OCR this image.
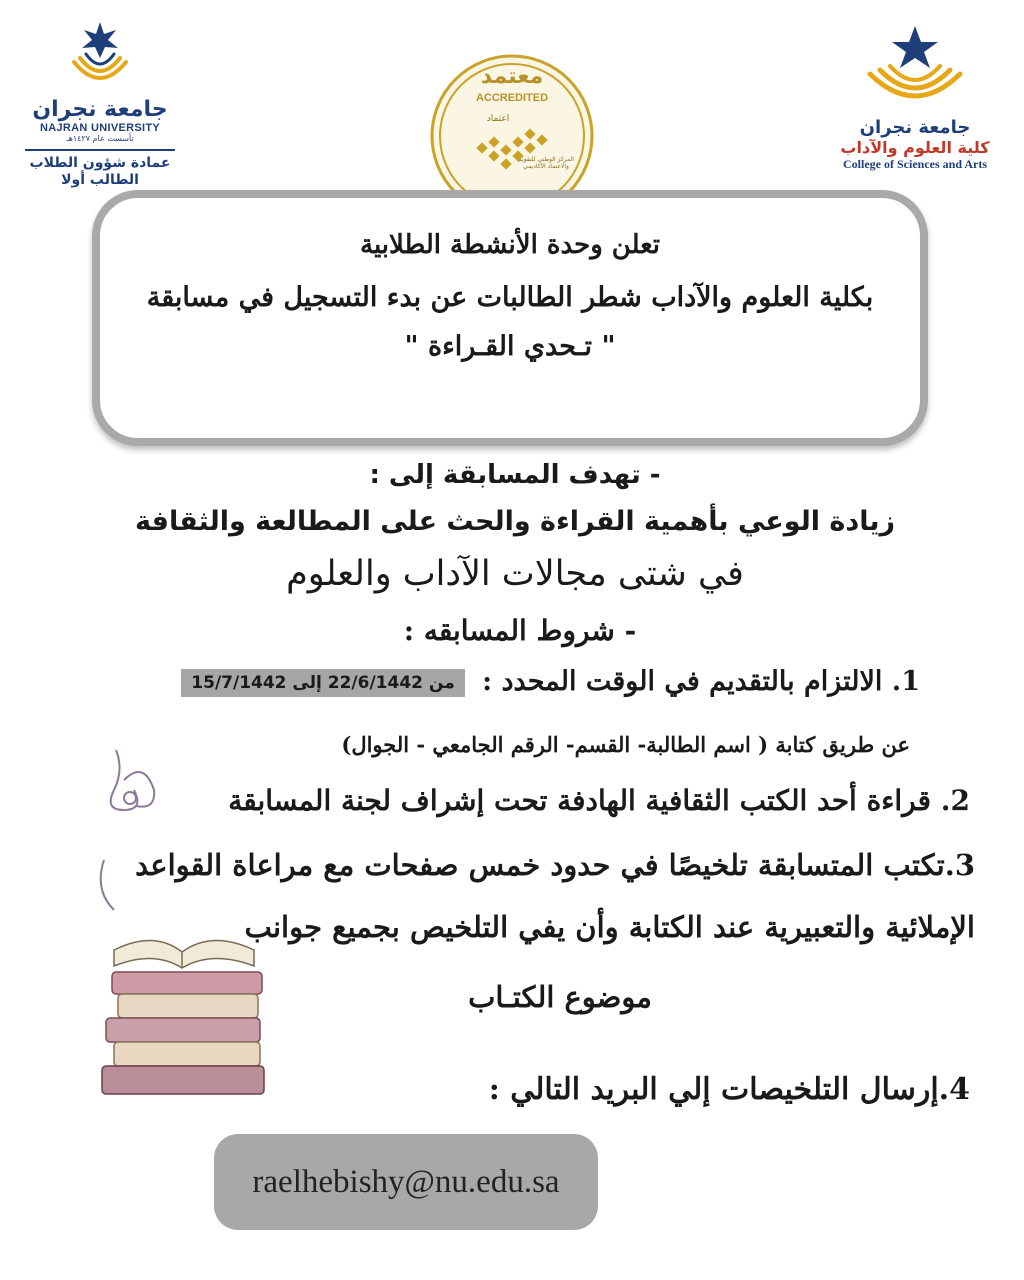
جامعة نجران
NAJRAN UNIVERSITY
تأسست عام ١٤٢٧هـ
عمادة شؤون الطلاب
الطالب أولا
معتمد
ACCREDITED
اعتماد
المركز الوطني للتقويم والاعتماد الأكاديمي
جامعة نجران
كلية العلوم والآداب
College of Sciences and Arts
تعلن وحدة الأنشطة الطلابية
بكلية العلوم والآداب شطر الطالبات عن بدء التسجيل في مسابقة
" تـحدي القـراءة "
- تهدف المسابقة إلى :
زيادة الوعي بأهمية القراءة والحث على المطالعة والثقافة
في شتى مجالات الآداب والعلوم
- شروط المسابقه :
1. الالتزام بالتقديم في الوقت المحدد : من 22/6/1442 إلى 15/7/1442
عن طريق كتابة ( اسم الطالبة- القسم- الرقم الجامعي - الجوال)
2. قراءة أحد الكتب الثقافية الهادفة تحت إشراف لجنة المسابقة
3.تكتب المتسابقة تلخيصًا في حدود خمس صفحات مع مراعاة القواعد
الإملائية والتعبيرية عند الكتابة وأن يفي التلخيص بجميع جوانب
موضوع الكتـاب
4.إرسال التلخيصات إلي البريد التالي :
raelhebishy@nu.edu.sa
